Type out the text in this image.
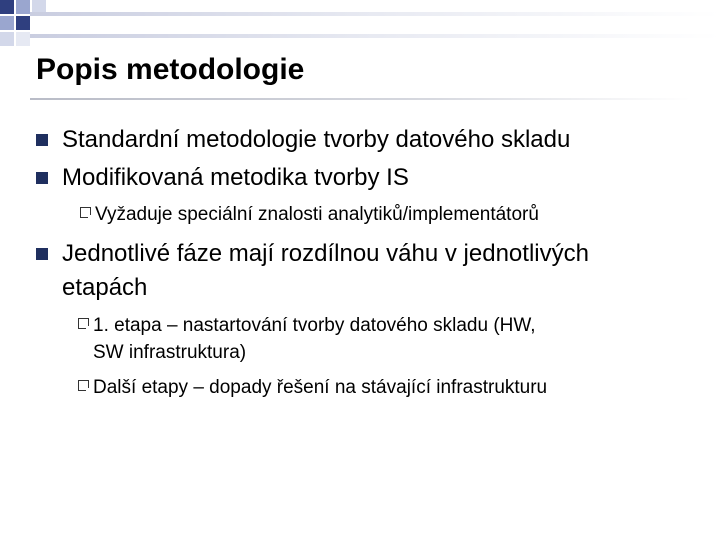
Popis metodologie
Standardní metodologie tvorby datového skladu
Modifikovaná metodika tvorby IS
Vyžaduje speciální znalosti analytiků/implementátorů
Jednotlivé fáze mají rozdílnou váhu v jednotlivých
etapách
1. etapa – nastartování tvorby datového skladu (HW,
SW infrastruktura)
Další etapy – dopady řešení na stávající infrastrukturu
